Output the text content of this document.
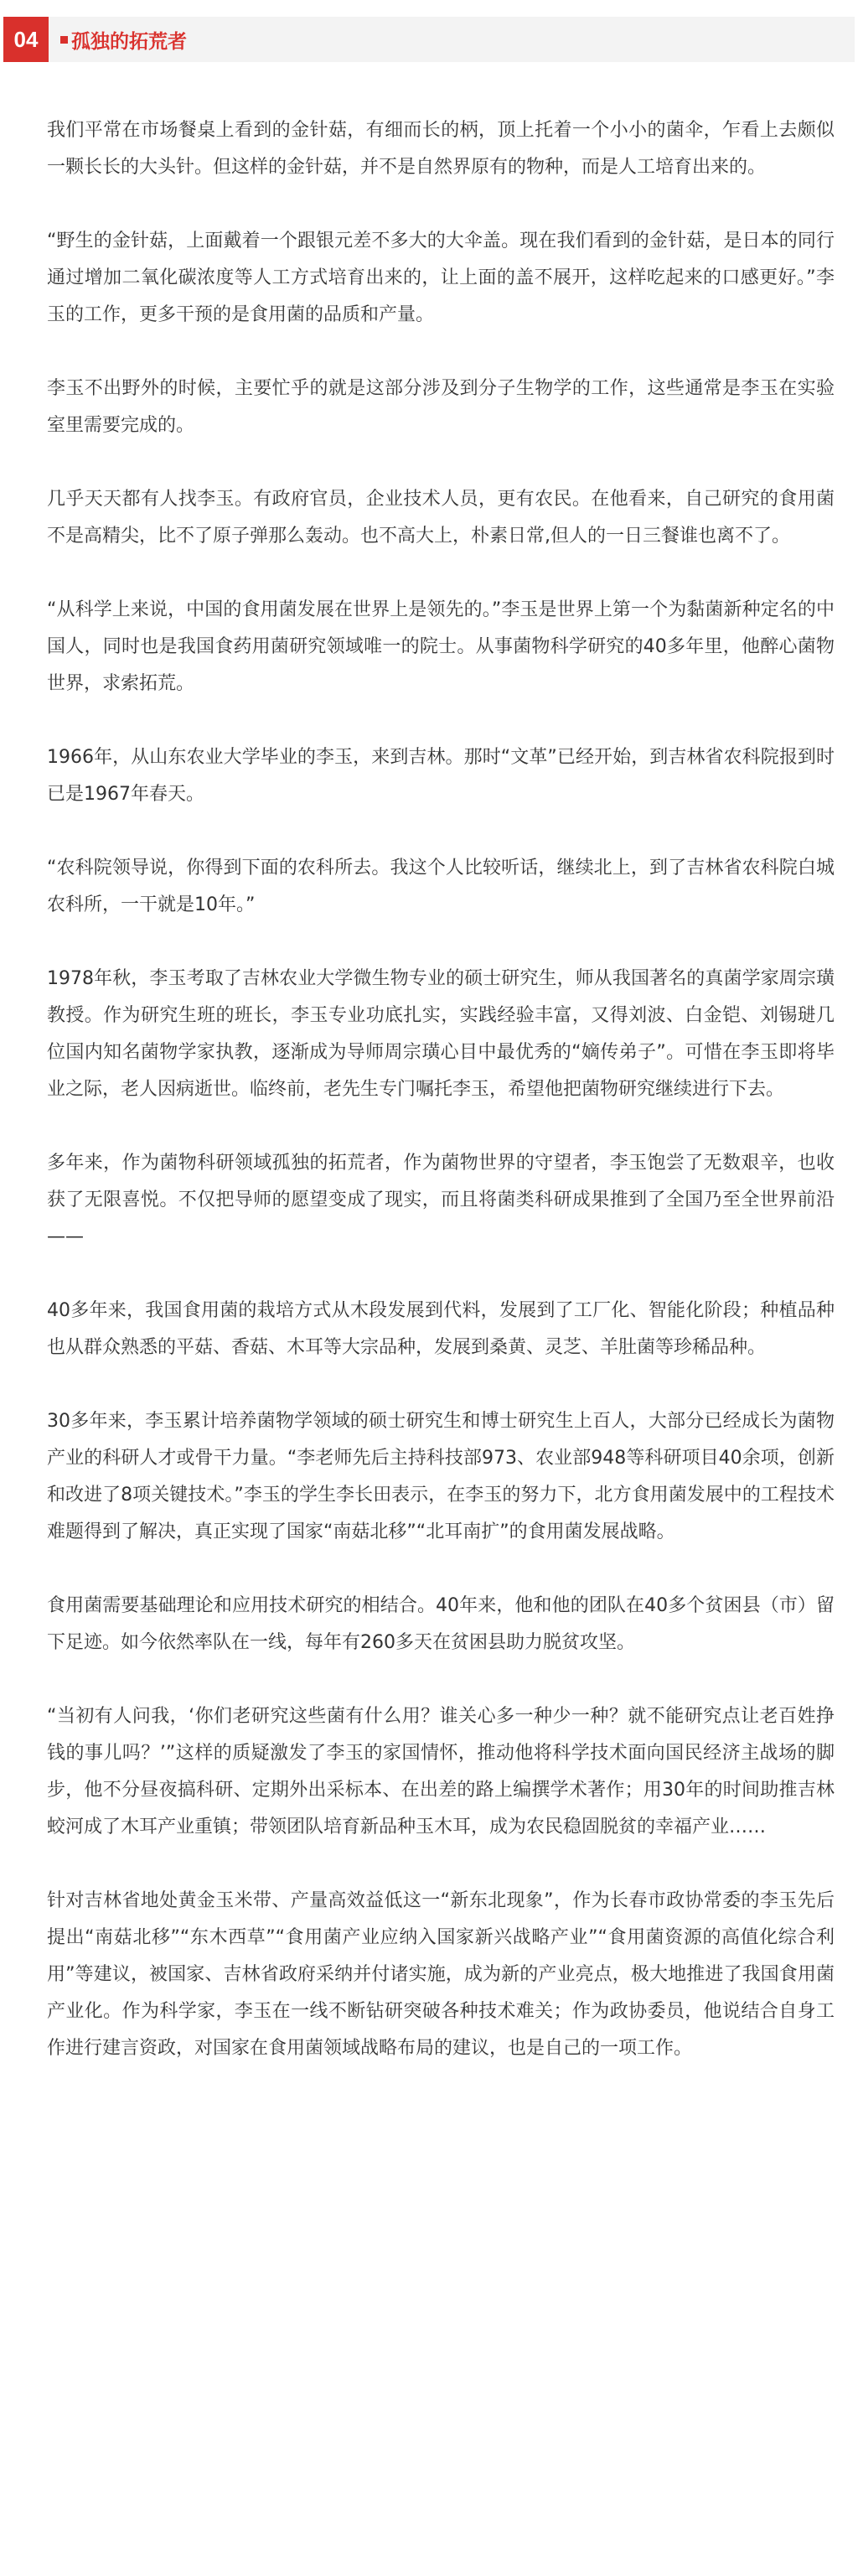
04	孤独的拓荒者

我们平常在市场餐桌上看到的金针菇，有细而长的柄，顶上托着一个小小的菌伞，乍看上去颇似一颗长长的大头针。但这样的金针菇，并不是自然界原有的物种，而是人工培育出来的。

“野生的金针菇，上面戴着一个跟银元差不多大的大伞盖。现在我们看到的金针菇，是日本的同行通过增加二氧化碳浓度等人工方式培育出来的，让上面的盖不展开，这样吃起来的口感更好。”李玉的工作，更多干预的是食用菌的品质和产量。

李玉不出野外的时候，主要忙乎的就是这部分涉及到分子生物学的工作，这些通常是李玉在实验室里需要完成的。

几乎天天都有人找李玉。有政府官员，企业技术人员，更有农民。在他看来，自己研究的食用菌不是高精尖，比不了原子弹那么轰动。也不高大上，朴素日常,但人的一日三餐谁也离不了。

“从科学上来说，中国的食用菌发展在世界上是领先的。”李玉是世界上第一个为黏菌新种定名的中国人，同时也是我国食药用菌研究领域唯一的院士。从事菌物科学研究的40多年里，他醉心菌物世界，求索拓荒。

1966年，从山东农业大学毕业的李玉，来到吉林。那时“文革”已经开始，到吉林省农科院报到时已是1967年春天。

“农科院领导说，你得到下面的农科所去。我这个人比较听话，继续北上，到了吉林省农科院白城农科所，一干就是10年。”

1978年秋，李玉考取了吉林农业大学微生物专业的硕士研究生，师从我国著名的真菌学家周宗璜教授。作为研究生班的班长，李玉专业功底扎实，实践经验丰富，又得刘波、白金铠、刘锡琎几位国内知名菌物学家执教，逐渐成为导师周宗璜心目中最优秀的“嫡传弟子”。可惜在李玉即将毕业之际，老人因病逝世。临终前，老先生专门嘱托李玉，希望他把菌物研究继续进行下去。

多年来，作为菌物科研领域孤独的拓荒者，作为菌物世界的守望者，李玉饱尝了无数艰辛，也收获了无限喜悦。不仅把导师的愿望变成了现实，而且将菌类科研成果推到了全国乃至全世界前沿——

40多年来，我国食用菌的栽培方式从木段发展到代料，发展到了工厂化、智能化阶段；种植品种也从群众熟悉的平菇、香菇、木耳等大宗品种，发展到桑黄、灵芝、羊肚菌等珍稀品种。

30多年来，李玉累计培养菌物学领域的硕士研究生和博士研究生上百人，大部分已经成长为菌物产业的科研人才或骨干力量。“李老师先后主持科技部973、农业部948等科研项目40余项，创新和改进了8项关键技术。”李玉的学生李长田表示，在李玉的努力下，北方食用菌发展中的工程技术难题得到了解决，真正实现了国家“南菇北移”“北耳南扩”的食用菌发展战略。

食用菌需要基础理论和应用技术研究的相结合。40年来，他和他的团队在40多个贫困县（市）留下足迹。如今依然率队在一线，每年有260多天在贫困县助力脱贫攻坚。

“当初有人问我，‘你们老研究这些菌有什么用？谁关心多一种少一种？就不能研究点让老百姓挣钱的事儿吗？’”这样的质疑激发了李玉的家国情怀，推动他将科学技术面向国民经济主战场的脚步，他不分昼夜搞科研、定期外出采标本、在出差的路上编撰学术著作；用30年的时间助推吉林蛟河成了木耳产业重镇；带领团队培育新品种玉木耳，成为农民稳固脱贫的幸福产业……

针对吉林省地处黄金玉米带、产量高效益低这一“新东北现象”，作为长春市政协常委的李玉先后提出“南菇北移”“东木西草”“食用菌产业应纳入国家新兴战略产业”“食用菌资源的高值化综合利用”等建议，被国家、吉林省政府采纳并付诸实施，成为新的产业亮点，极大地推进了我国食用菌产业化。作为科学家，李玉在一线不断钻研突破各种技术难关；作为政协委员，他说结合自身工作进行建言资政，对国家在食用菌领域战略布局的建议，也是自己的一项工作。
